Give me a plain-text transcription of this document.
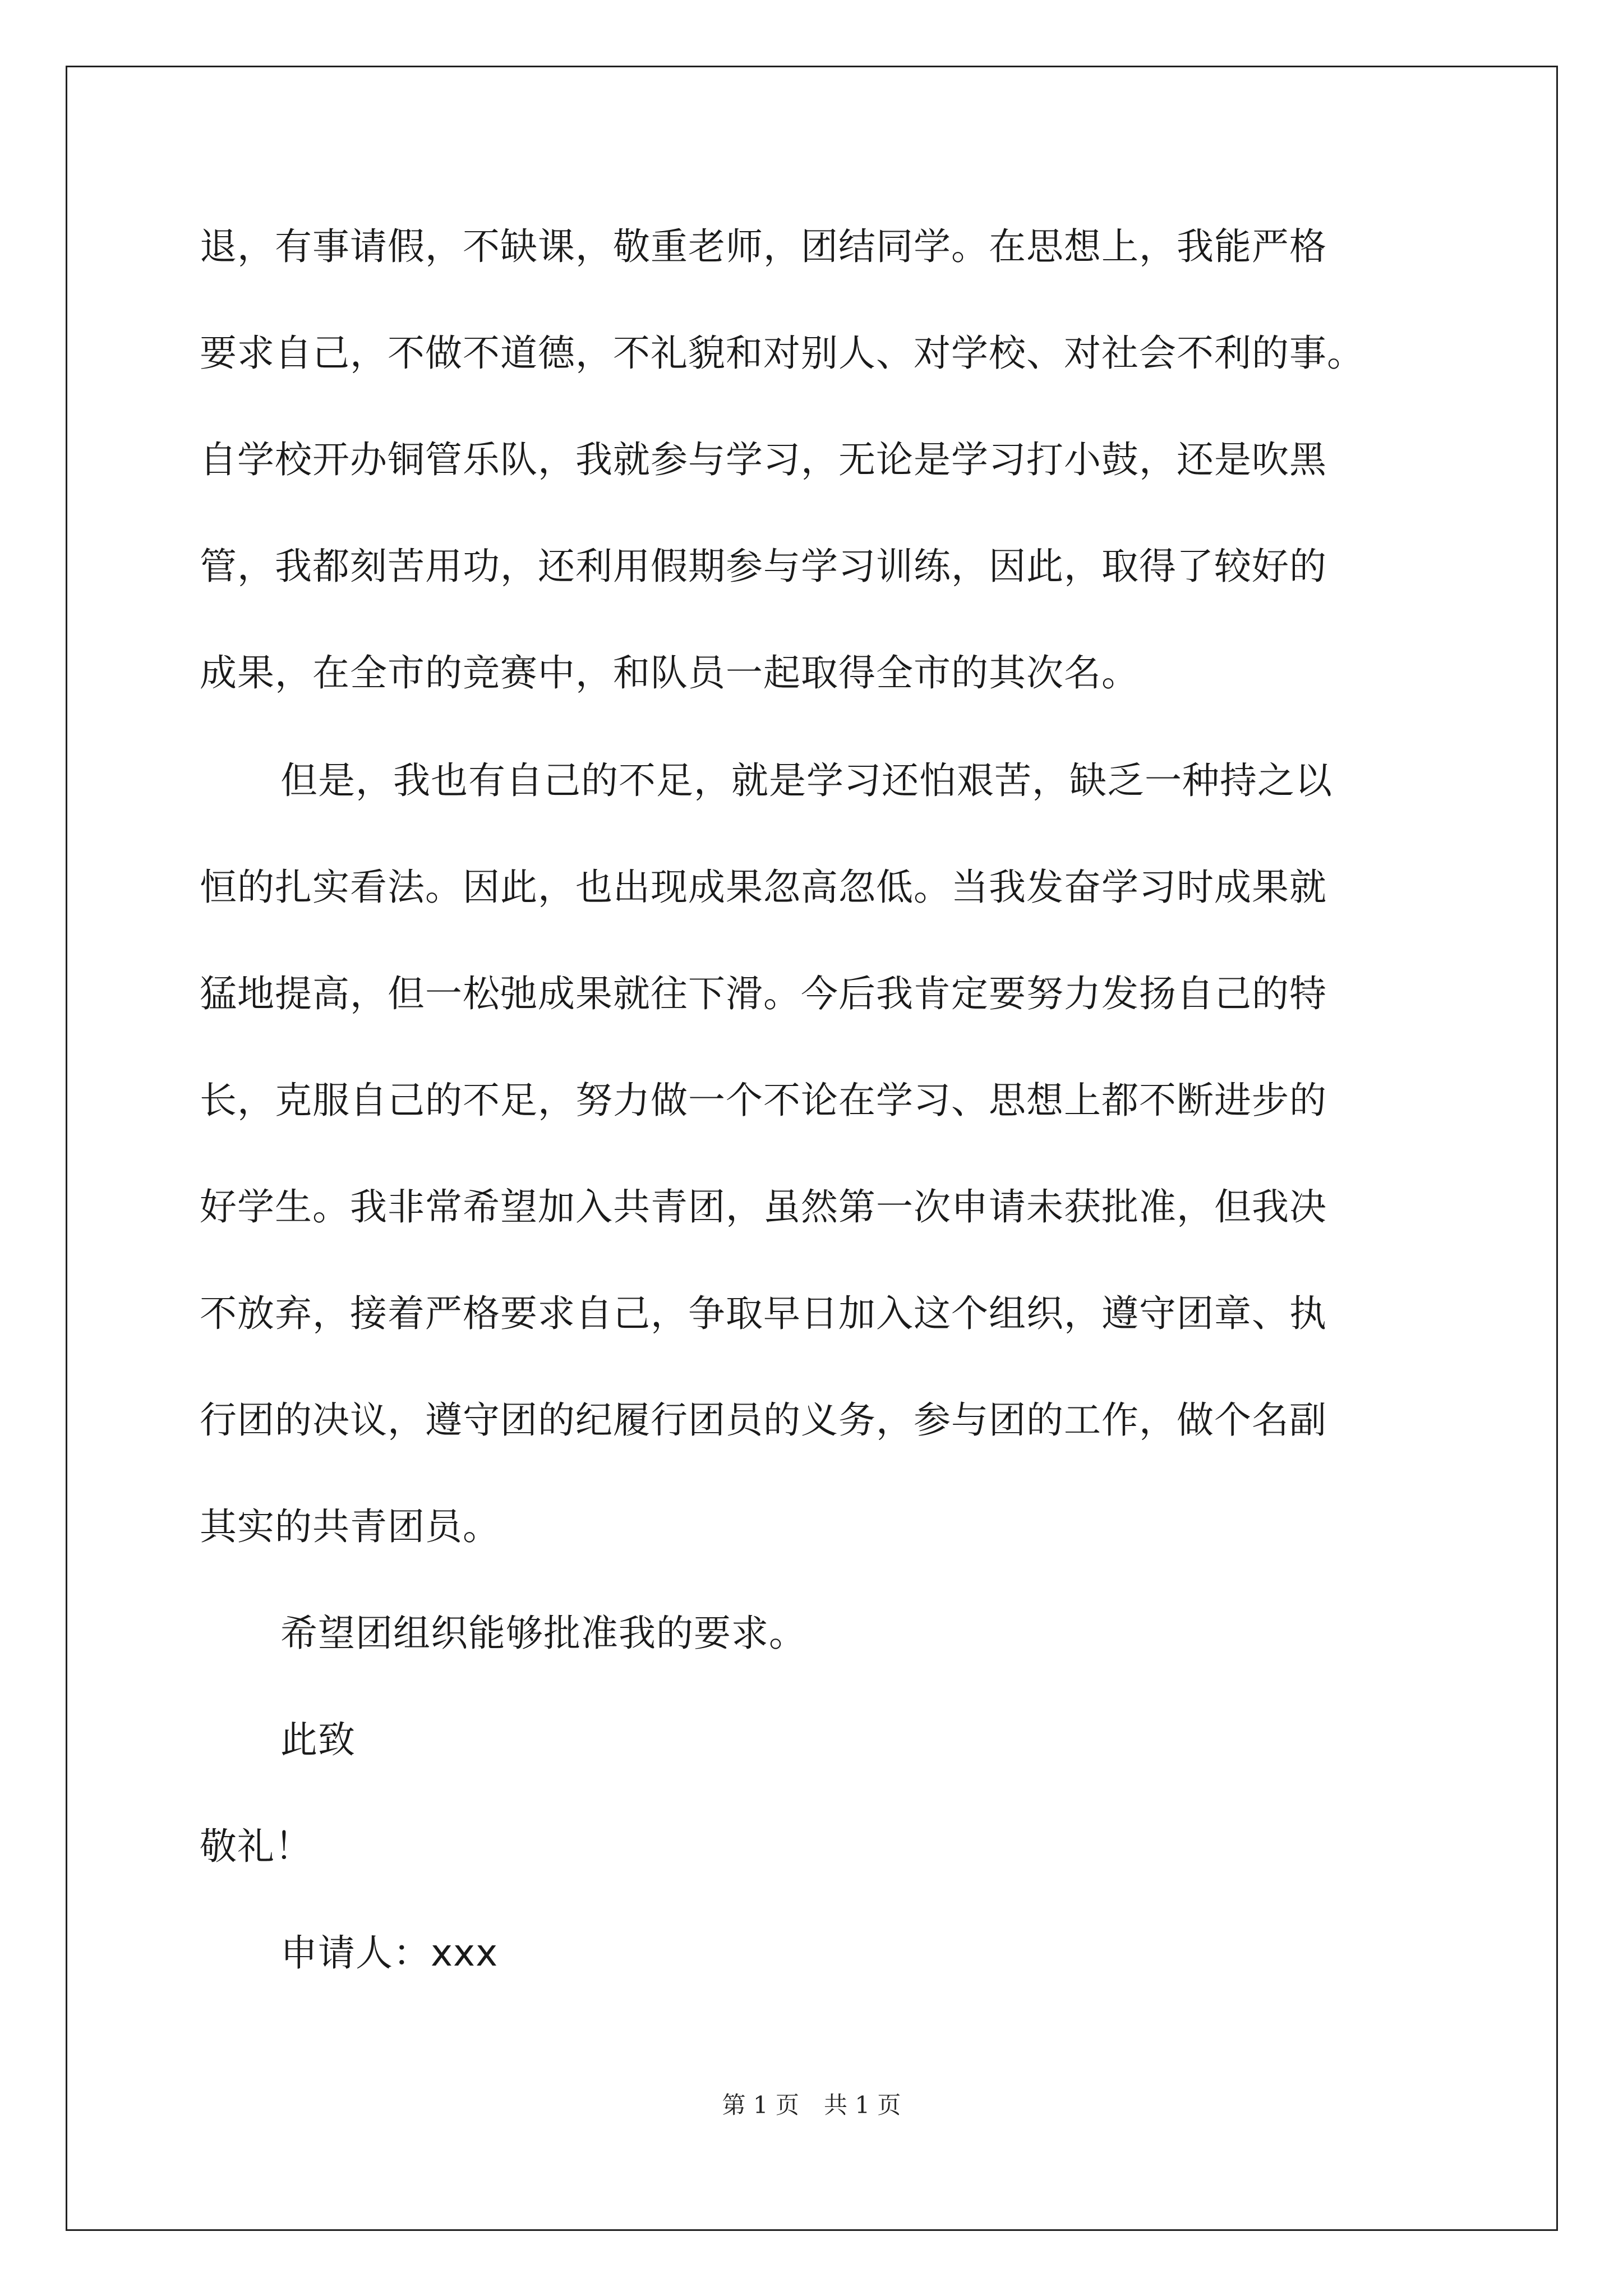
退，有事请假，不缺课，敬重老师，团结同学。在思想上，我能严格

要求自己，不做不道德，不礼貌和对别人、对学校、对社会不利的事。

自学校开办铜管乐队，我就参与学习，无论是学习打小鼓，还是吹黑

管，我都刻苦用功，还利用假期参与学习训练，因此，取得了较好的

成果，在全市的竞赛中，和队员一起取得全市的其次名。

但是，我也有自己的不足，就是学习还怕艰苦，缺乏一种持之以

恒的扎实看法。因此，也出现成果忽高忽低。当我发奋学习时成果就

猛地提高，但一松弛成果就往下滑。今后我肯定要努力发扬自己的特

长，克服自己的不足，努力做一个不论在学习、思想上都不断进步的

好学生。我非常希望加入共青团，虽然第一次申请未获批准，但我决

不放弃，接着严格要求自己，争取早日加入这个组织，遵守团章、执

行团的决议，遵守团的纪履行团员的义务，参与团的工作，做个名副

其实的共青团员。

希望团组织能够批准我的要求。

此致

敬礼！

申请人：xxx

第 1 页 共 1 页
